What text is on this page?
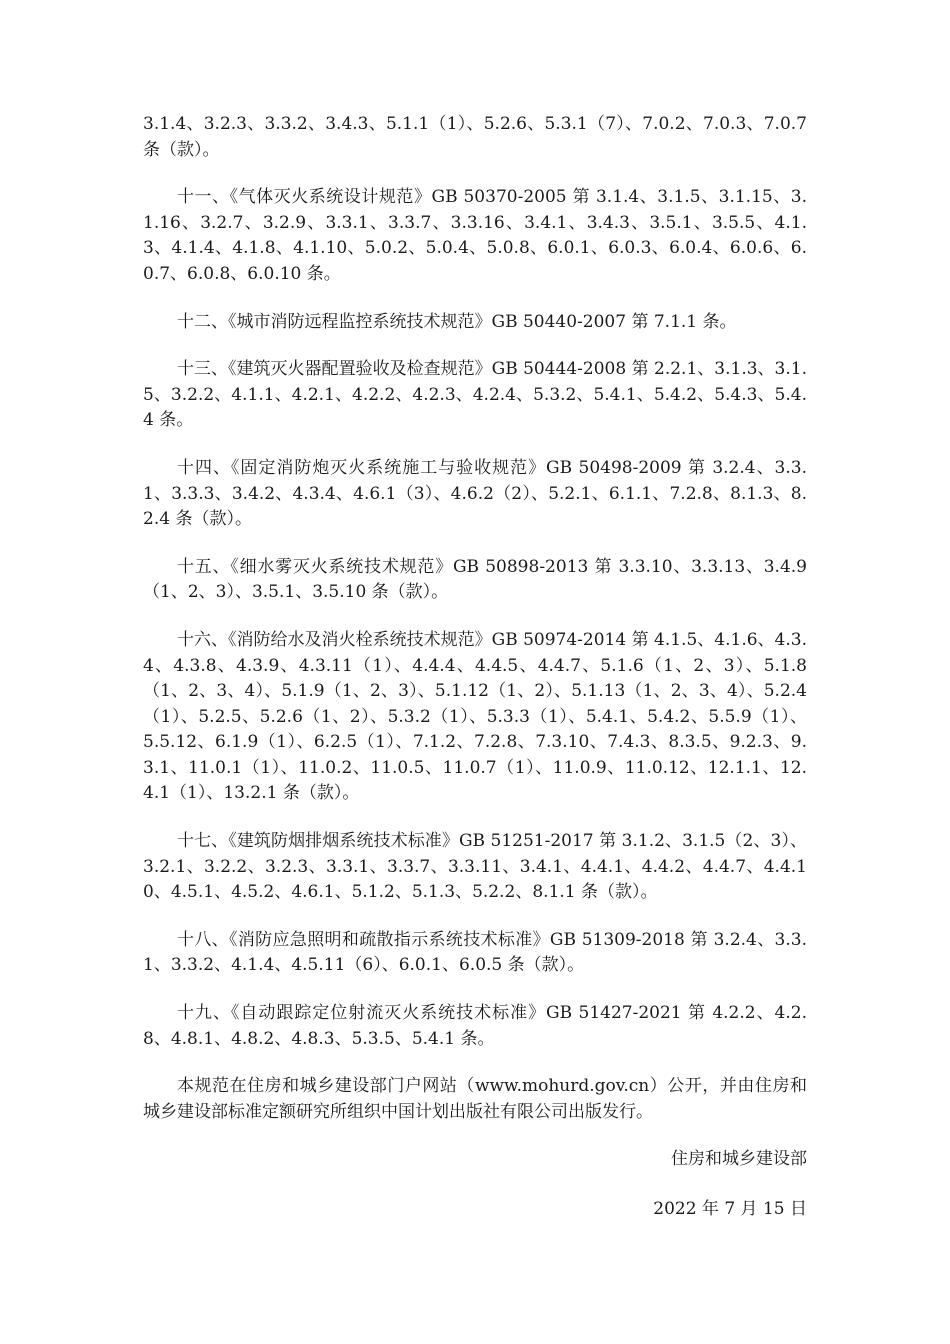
3.1.4、3.2.3、3.3.2、3.4.3、5.1.1（1）、5.2.6、5.3.1（7）、7.0.2、7.0.3、7.0.7 条（款）。

十一、《气体灭火系统设计规范》GB 50370-2005 第 3.1.4、3.1.5、3.1.15、3.1.16、3.2.7、3.2.9、3.3.1、3.3.7、3.3.16、3.4.1、3.4.3、3.5.1、3.5.5、4.1.3、4.1.4、4.1.8、4.1.10、5.0.2、5.0.4、5.0.8、6.0.1、6.0.3、6.0.4、6.0.6、6.0.7、6.0.8、6.0.10 条。

十二、《城市消防远程监控系统技术规范》GB 50440-2007 第 7.1.1 条。

十三、《建筑灭火器配置验收及检查规范》GB 50444-2008 第 2.2.1、3.1.3、3.1.5、3.2.2、4.1.1、4.2.1、4.2.2、4.2.3、4.2.4、5.3.2、5.4.1、5.4.2、5.4.3、5.4.4 条。

十四、《固定消防炮灭火系统施工与验收规范》GB 50498-2009 第 3.2.4、3.3.1、3.3.3、3.4.2、4.3.4、4.6.1（3）、4.6.2（2）、5.2.1、6.1.1、7.2.8、8.1.3、8.2.4 条（款）。

十五、《细水雾灭火系统技术规范》GB 50898-2013 第 3.3.10、3.3.13、3.4.9（1、2、3）、3.5.1、3.5.10 条（款）。

十六、《消防给水及消火栓系统技术规范》GB 50974-2014 第 4.1.5、4.1.6、4.3.4、4.3.8、4.3.9、4.3.11（1）、4.4.4、4.4.5、4.4.7、5.1.6（1、2、3）、5.1.8（1、2、3、4）、5.1.9（1、2、3）、5.1.12（1、2）、5.1.13（1、2、3、4）、5.2.4（1）、5.2.5、5.2.6（1、2）、5.3.2（1）、5.3.3（1）、5.4.1、5.4.2、5.5.9（1）、5.5.12、6.1.9（1）、6.2.5（1）、7.1.2、7.2.8、7.3.10、7.4.3、8.3.5、9.2.3、9.3.1、11.0.1（1）、11.0.2、11.0.5、11.0.7（1）、11.0.9、11.0.12、12.1.1、12.4.1（1）、13.2.1 条（款）。

十七、《建筑防烟排烟系统技术标准》GB 51251-2017 第 3.1.2、3.1.5（2、3）、3.2.1、3.2.2、3.2.3、3.3.1、3.3.7、3.3.11、3.4.1、4.4.1、4.4.2、4.4.7、4.4.10、4.5.1、4.5.2、4.6.1、5.1.2、5.1.3、5.2.2、8.1.1 条（款）。

十八、《消防应急照明和疏散指示系统技术标准》GB 51309-2018 第 3.2.4、3.3.1、3.3.2、4.1.4、4.5.11（6）、6.0.1、6.0.5 条（款）。

十九、《自动跟踪定位射流灭火系统技术标准》GB 51427-2021 第 4.2.2、4.2.8、4.8.1、4.8.2、4.8.3、5.3.5、5.4.1 条。

本规范在住房和城乡建设部门户网站（www.mohurd.gov.cn）公开，并由住房和城乡建设部标准定额研究所组织中国计划出版社有限公司出版发行。

住房和城乡建设部

2022 年 7 月 15 日
